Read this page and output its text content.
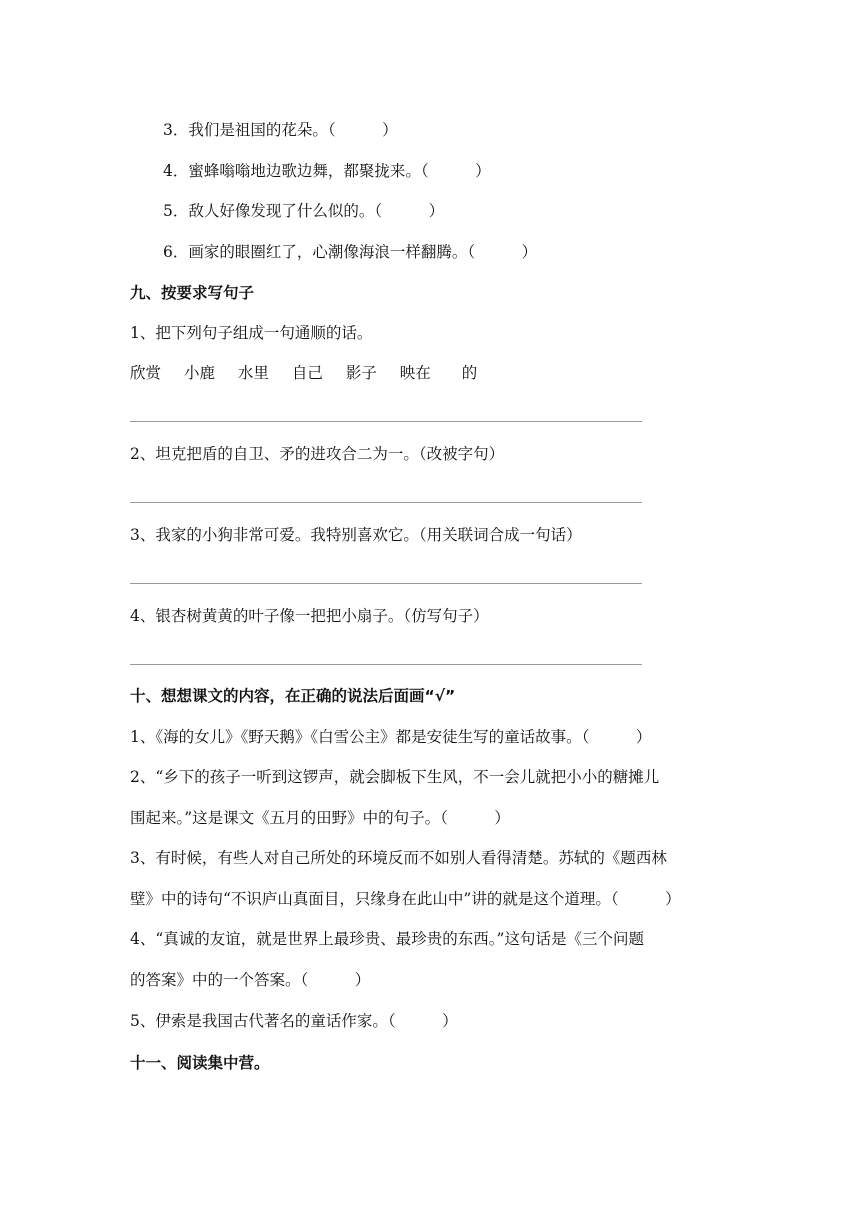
3．我们是祖国的花朵。（　　　）
4．蜜蜂嗡嗡地边歌边舞，都聚拢来。（　　　）
5．敌人好像发现了什么似的。（　　　）
6．画家的眼圈红了，心潮像海浪一样翻腾。（　　　）
九、按要求写句子
1、把下列句子组成一句通顺的话。
欣赏 小鹿 水里 自己 影子 映在 的
2、坦克把盾的自卫、矛的进攻合二为一。（改被字句）
3、我家的小狗非常可爱。我特别喜欢它。（用关联词合成一句话）
4、银杏树黄黄的叶子像一把把小扇子。（仿写句子）
十、想想课文的内容，在正确的说法后面画“√”
1、《海的女儿》《野天鹅》《白雪公主》都是安徒生写的童话故事。（　　　）
2、“乡下的孩子一听到这锣声，就会脚板下生风，不一会儿就把小小的糖摊儿
围起来。”这是课文《五月的田野》中的句子。（　　　）
3、有时候，有些人对自己所处的环境反而不如别人看得清楚。苏轼的《题西林
壁》中的诗句“不识庐山真面目，只缘身在此山中”讲的就是这个道理。（　　　）
4、“真诚的友谊，就是世界上最珍贵、最珍贵的东西。”这句话是《三个问题
的答案》中的一个答案。（　　　）
5、伊索是我国古代著名的童话作家。（　　　）
十一、阅读集中营。
